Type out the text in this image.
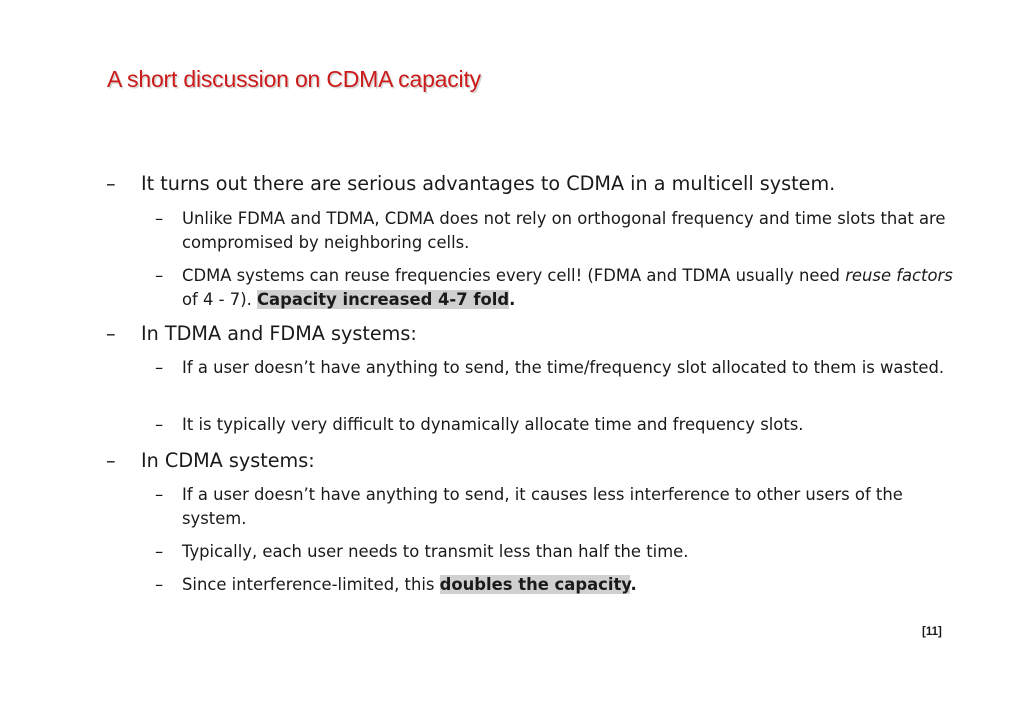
A short discussion on CDMA capacity
– It turns out there are serious advantages to CDMA in a multicell system.
– Unlike FDMA and TDMA, CDMA does not rely on orthogonal frequency and time slots that are compromised by neighboring cells.
– CDMA systems can reuse frequencies every cell! (FDMA and TDMA usually need reuse factors of 4 - 7). Capacity increased 4-7 fold.
– In TDMA and FDMA systems:
– If a user doesn’t have anything to send, the time/frequency slot allocated to them is wasted.
– It is typically very difficult to dynamically allocate time and frequency slots.
– In CDMA systems:
– If a user doesn’t have anything to send, it causes less interference to other users of the system.
– Typically, each user needs to transmit less than half the time.
– Since interference-limited, this doubles the capacity.
[11]
